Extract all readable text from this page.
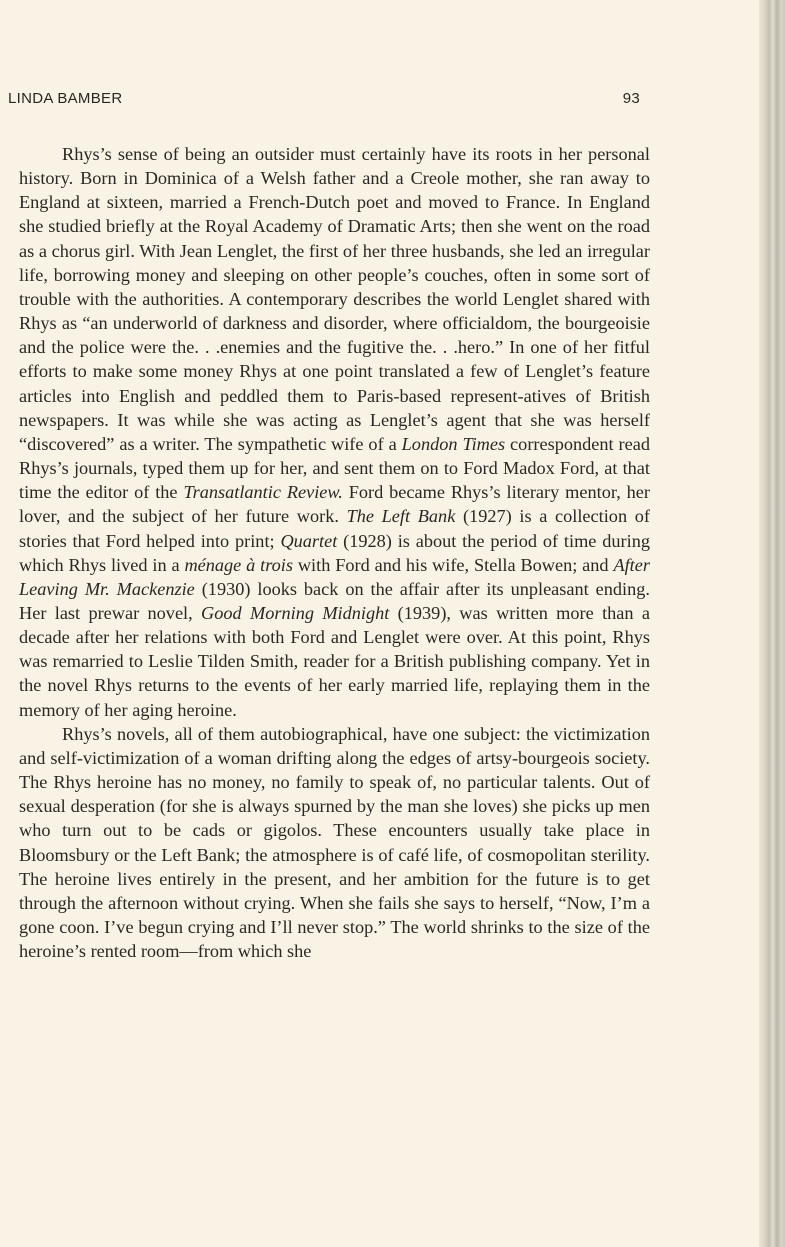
LINDA BAMBER	93

Rhys’s sense of being an outsider must certainly have its roots in her personal history. Born in Dominica of a Welsh father and a Creole mother, she ran away to England at sixteen, married a French-Dutch poet and moved to France. In England she studied briefly at the Royal Academy of Dramatic Arts; then she went on the road as a chorus girl. With Jean Lenglet, the first of her three husbands, she led an irregular life, borrowing money and sleeping on other people’s couches, often in some sort of trouble with the authorities. A contemporary describes the world Lenglet shared with Rhys as “an underworld of darkness and disorder, where officialdom, the bourgeoisie and the police were the. . .enemies and the fugitive the. . .hero.” In one of her fitful efforts to make some money Rhys at one point translated a few of Lenglet’s feature articles into English and peddled them to Paris-based represent-atives of British newspapers. It was while she was acting as Lenglet’s agent that she was herself “discovered” as a writer. The sympathetic wife of a London Times correspondent read Rhys’s journals, typed them up for her, and sent them on to Ford Madox Ford, at that time the editor of the Transatlantic Review. Ford became Rhys’s literary mentor, her lover, and the subject of her future work. The Left Bank (1927) is a collection of stories that Ford helped into print; Quartet (1928) is about the period of time during which Rhys lived in a ménage à trois with Ford and his wife, Stella Bowen; and After Leaving Mr. Mackenzie (1930) looks back on the affair after its unpleasant ending. Her last prewar novel, Good Morning Midnight (1939), was written more than a decade after her relations with both Ford and Lenglet were over. At this point, Rhys was remarried to Leslie Tilden Smith, reader for a British publishing company. Yet in the novel Rhys returns to the events of her early married life, replaying them in the memory of her aging heroine.

Rhys’s novels, all of them autobiographical, have one subject: the victimization and self-victimization of a woman drifting along the edges of artsy-bourgeois society. The Rhys heroine has no money, no family to speak of, no particular talents. Out of sexual desperation (for she is always spurned by the man she loves) she picks up men who turn out to be cads or gigolos. These encounters usually take place in Bloomsbury or the Left Bank; the atmosphere is of café life, of cosmopolitan sterility. The heroine lives entirely in the present, and her ambition for the future is to get through the afternoon without crying. When she fails she says to herself, “Now, I’m a gone coon. I’ve begun crying and I’ll never stop.” The world shrinks to the size of the heroine’s rented room—from which she
